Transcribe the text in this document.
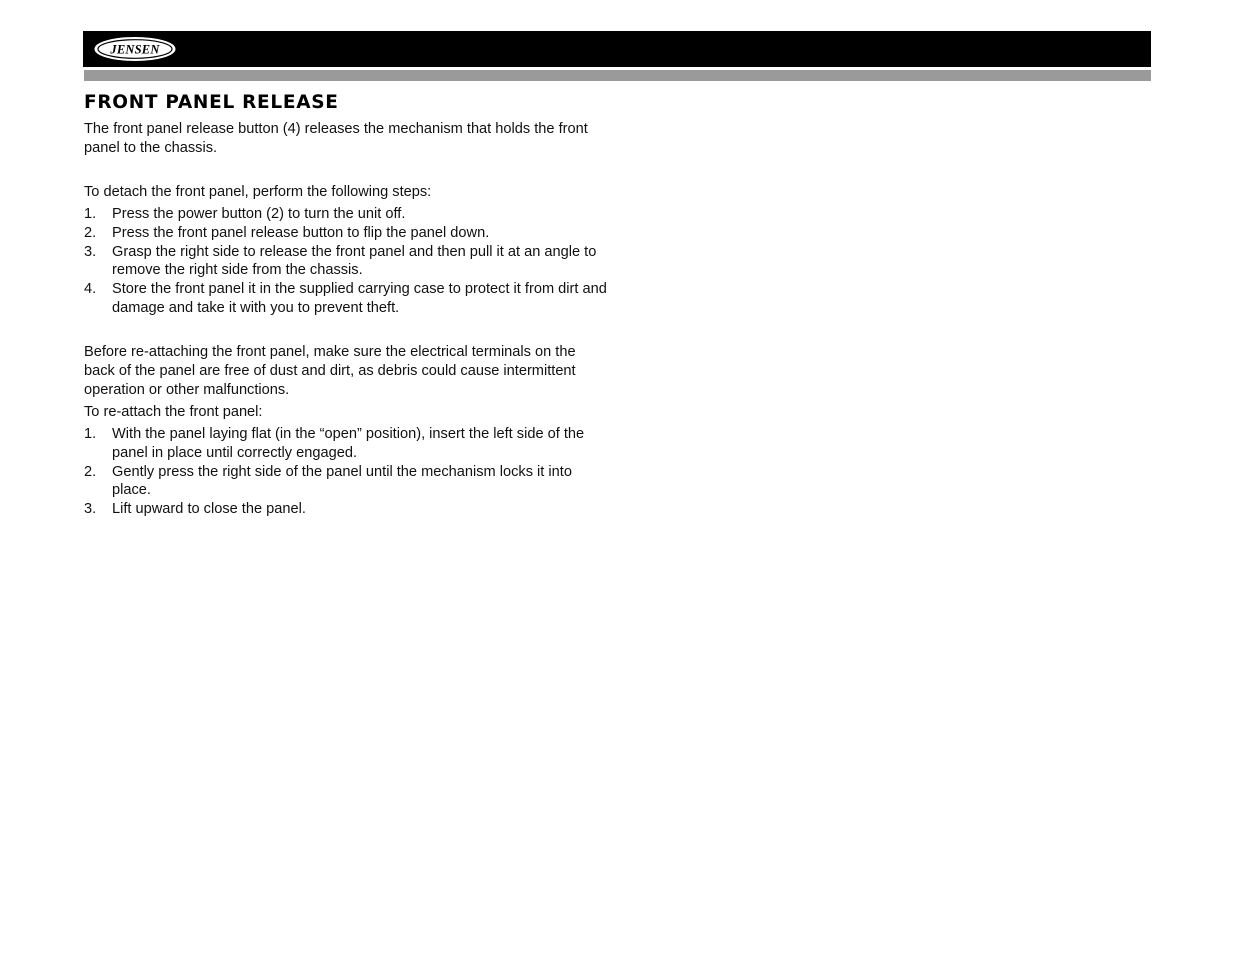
JENSEN
FRONT PANEL RELEASE

The front panel release button (4) releases the mechanism that holds the front panel to the chassis.

To detach the front panel, perform the following steps:

1.	Press the power button (2) to turn the unit off.
2.	Press the front panel release button to flip the panel down.
3.	Grasp the right side to release the front panel and then pull it at an angle to remove the right side from the chassis.
4.	Store the front panel it in the supplied carrying case to protect it from dirt and damage and take it with you to prevent theft.

Before re-attaching the front panel, make sure the electrical terminals on the back of the panel are free of dust and dirt, as debris could cause intermittent operation or other malfunctions.

To re-attach the front panel:

1.	With the panel laying flat (in the “open” position), insert the left side of the panel in place until correctly engaged.
2.	Gently press the right side of the panel until the mechanism locks it into place.
3.	Lift upward to close the panel.
